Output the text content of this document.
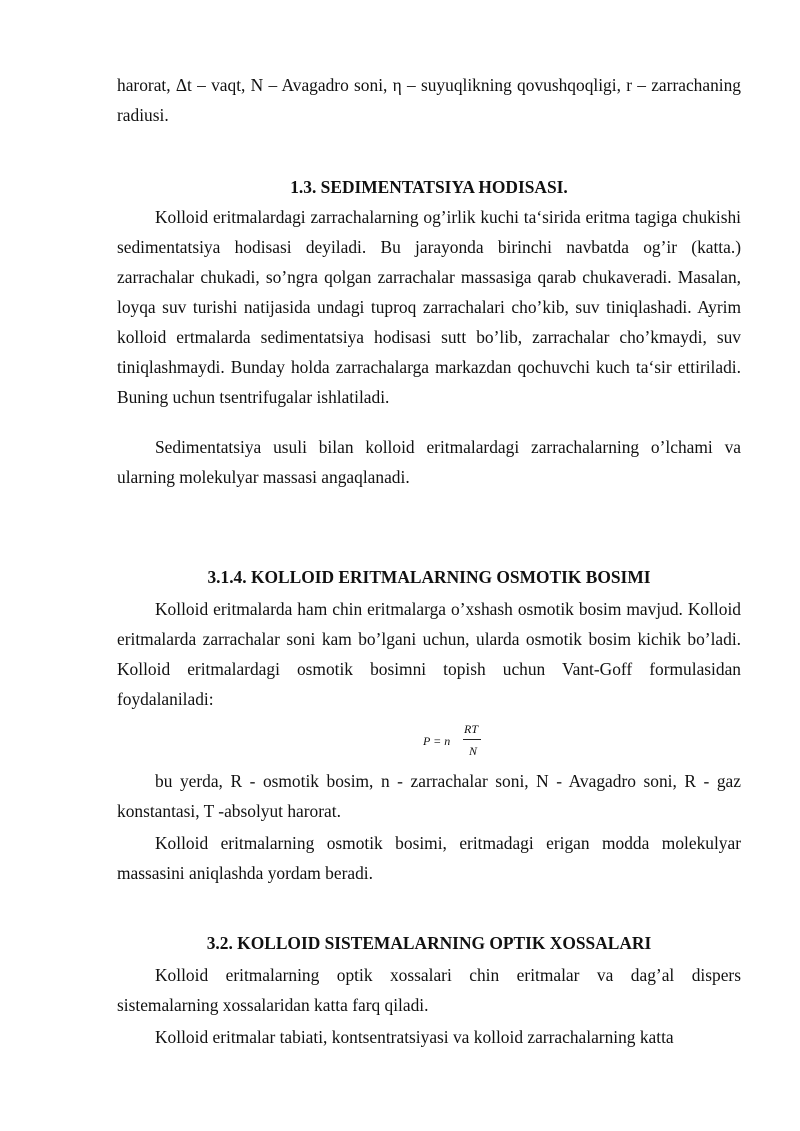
harorat, Δt – vaqt, N – Avagadro soni, η – suyuqlikning qovushqoqligi, r – zarrachaning radiusi.

1.3. SEDIMENTATSIYA HODISASI.

Kolloid eritmalardagi zarrachalarning og’irlik kuchi ta‘sirida eritma tagiga chukishi sedimentatsiya hodisasi deyiladi. Bu jarayonda birinchi navbatda og’ir (katta.) zarrachalar chukadi, so’ngra qolgan zarrachalar massasiga qarab chukaveradi. Masalan, loyqa suv turishi natijasida undagi tuproq zarrachalari cho’kib, suv tiniqlashadi. Ayrim kolloid ertmalarda sedimentatsiya hodisasi sutt bo’lib, zarrachalar cho’kmaydi, suv tiniqlashmaydi. Bunday holda zarrachalarga markazdan qochuvchi kuch ta‘sir ettiriladi. Buning uchun tsentrifugalar ishlatiladi.

Sedimentatsiya usuli bilan kolloid eritmalardagi zarrachalarning o’lchami va ularning molekulyar massasi angaqlanadi.

3.1.4. KOLLOID ERITMALARNING OSMOTIK BOSIMI

Kolloid eritmalarda ham chin eritmalarga o’xshash osmotik bosim mavjud. Kolloid eritmalarda zarrachalar soni kam bo’lgani uchun, ularda osmotik bosim kichik bo’ladi. Kolloid eritmalardagi osmotik bosimni topish uchun Vant-Goff formulasidan foydalaniladi:

P = n
RT
N

bu yerda, R - osmotik bosim, n - zarrachalar soni, N - Avagadro soni, R - gaz konstantasi, T -absolyut harorat.

Kolloid eritmalarning osmotik bosimi, eritmadagi erigan modda molekulyar massasini aniqlashda yordam beradi.

3.2. KOLLOID SISTEMALARNING OPTIK XOSSALARI

Kolloid eritmalarning optik xossalari chin eritmalar va dag’al dispers sistemalarning xossalaridan katta farq qiladi.

Kolloid eritmalar tabiati, kontsentratsiyasi va kolloid zarrachalarning katta
